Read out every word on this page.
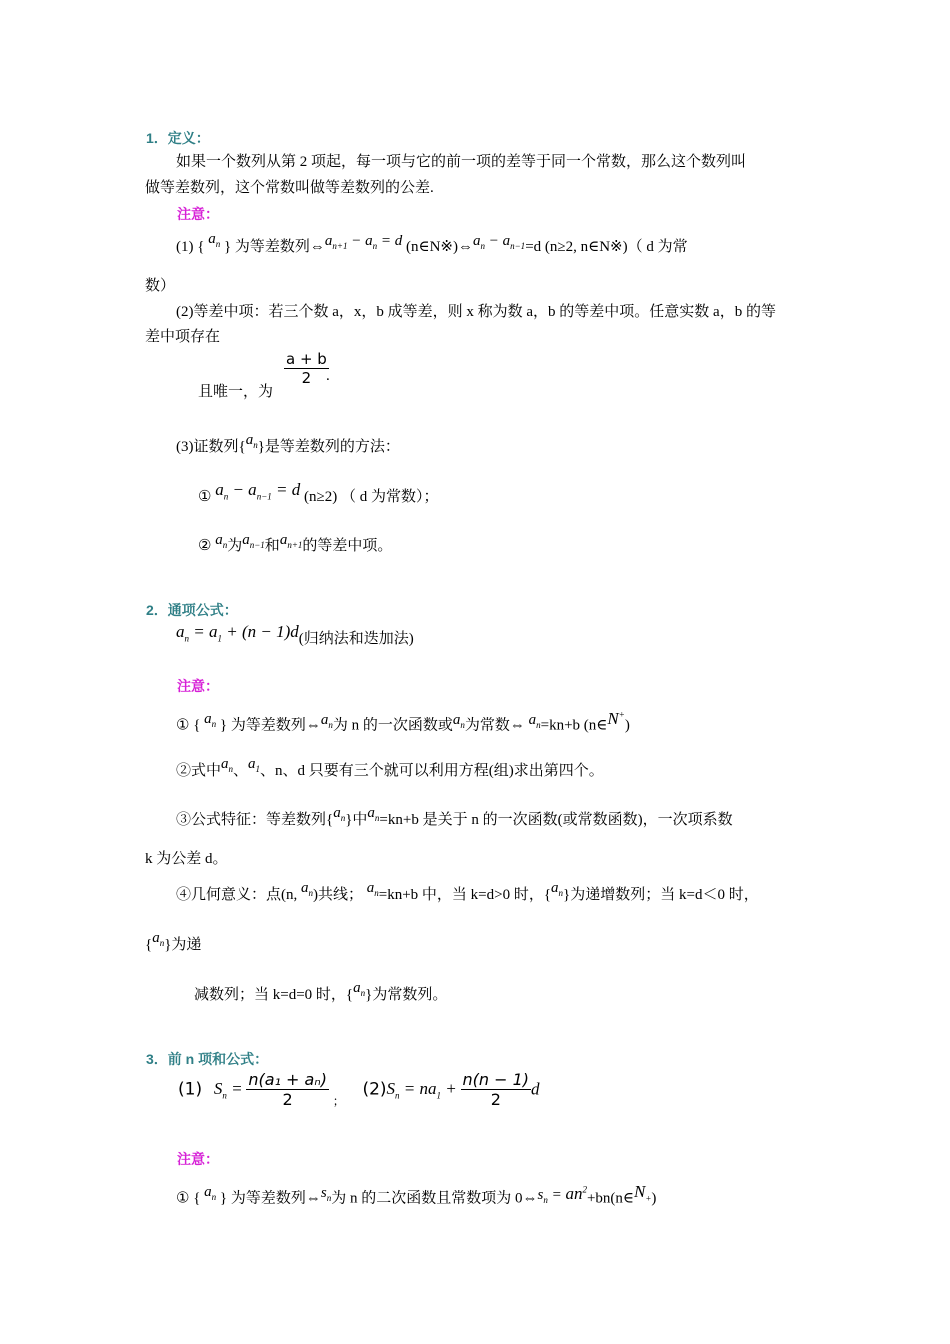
1．定义：
如果一个数列从第 2 项起，每一项与它的前一项的差等于同一个常数，那么这个数列叫
做等差数列，这个常数叫做等差数列的公差.
注意：
(1) { $a_n$ } 为等差数列$\Leftrightarrow a_{n+1} - a_n = d$ $(n\in N※)\Leftrightarrow a_n - a_{n-1}=d$ (n≥2, n∈N※)（ d 为常
数）
(2)等差中项：若三个数 a，x，b 成等差，则 x 称为数 a，b 的等差中项。任意实数 a，b 的等
差中项存在
且唯一，为
$\frac{a + b}{2}$
.
(3)证数列$\{a_n\}$是等差数列的方法：
① $a_n - a_{n-1} = d$ (n≥2) （ d 为常数）；
② $a_n$为$a_{n-1}$和$a_{n+1}$的等差中项。
2．通项公式：
$a_n = a_1 + (n - 1)d$(归纳法和迭加法)
注意：
① { $a_n$ } 为等差数列$\Leftrightarrow a_n$为 n 的一次函数或$a_n$为常数⇔ $a_n=kn+b$ (n∈N+)
②式中$a_n$、$a_1$、n、d 只要有三个就可以利用方程(组)求出第四个。
③公式特征：等差数列$\{a_n\}$中$a_n=kn+b$ 是关于 n 的一次函数(或常数函数)，一次项系数
k 为公差 d。
④几何意义：点(n, $a_n$)共线； $a_n=kn+b$ 中，当 k=d>0 时，$\{a_n\}$为递增数列；当 k=d＜0 时，
$\{a_n\}$为递
减数列；当 k=d=0 时，$\{a_n\}$为常数列。
3．前 n 项和公式：
(1) $S_n = \frac{\text{n(a₁ + aₙ)}}{2}$ ； $(2)S_n = na_1 + \frac{n(n - 1)}{2}$ d
注意：
① { $a_n$ } 为等差数列$\Leftrightarrow s_n$为 n 的二次函数且常数项为 $0\Leftrightarrow s_n$ = $an^2+bn(n\in N_+)$
